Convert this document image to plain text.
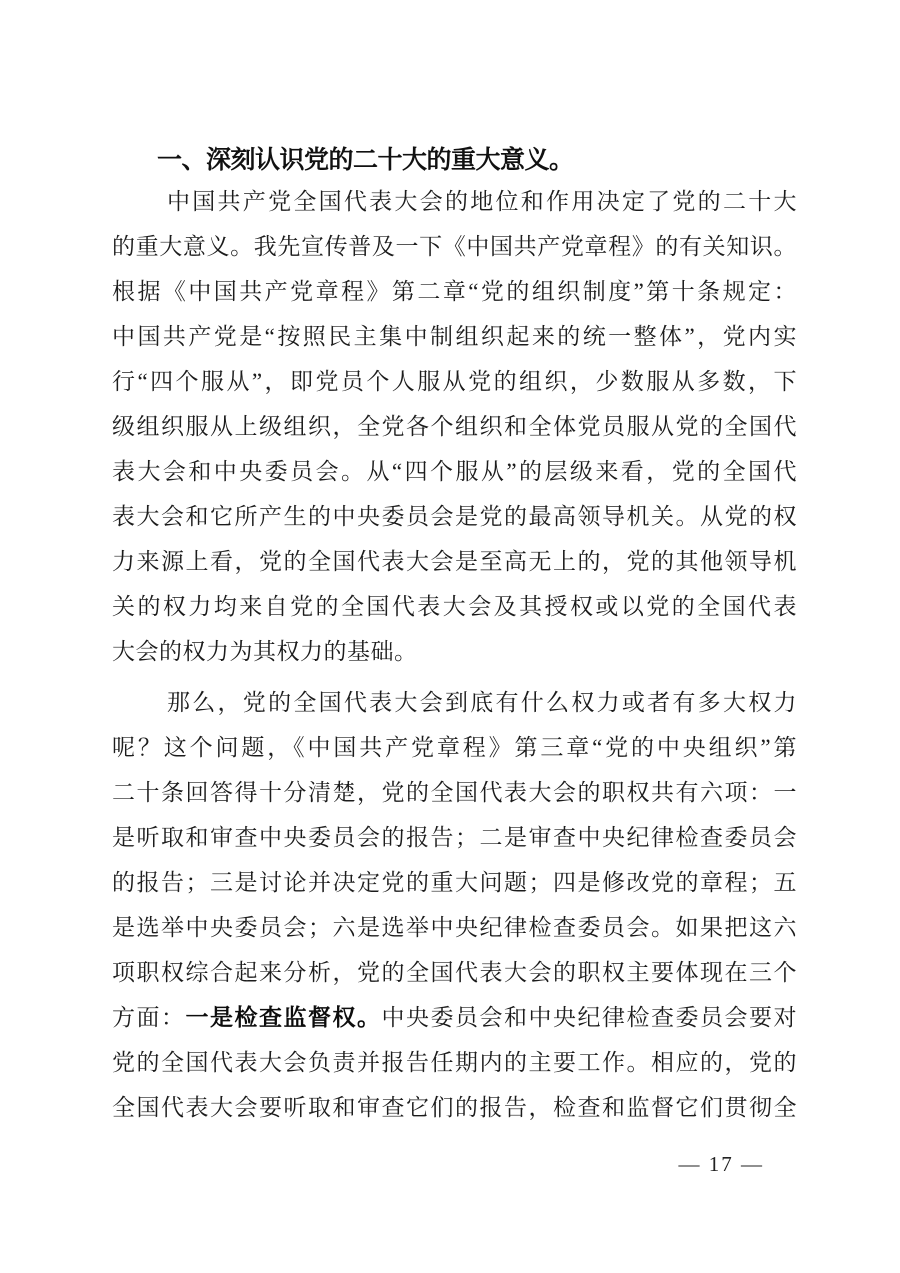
一、深刻认识党的二十大的重大意义。
中国共产党全国代表大会的地位和作用决定了党的二十大
的重大意义。我先宣传普及一下《中国共产党章程》的有关知识。
根据《中国共产党章程》第二章“党的组织制度”第十条规定：
中国共产党是“按照民主集中制组织起来的统一整体”，党内实
行“四个服从”，即党员个人服从党的组织，少数服从多数，下
级组织服从上级组织，全党各个组织和全体党员服从党的全国代
表大会和中央委员会。从“四个服从”的层级来看，党的全国代
表大会和它所产生的中央委员会是党的最高领导机关。从党的权
力来源上看，党的全国代表大会是至高无上的，党的其他领导机
关的权力均来自党的全国代表大会及其授权或以党的全国代表
大会的权力为其权力的基础。
那么，党的全国代表大会到底有什么权力或者有多大权力
呢？这个问题，《中国共产党章程》第三章“党的中央组织”第
二十条回答得十分清楚，党的全国代表大会的职权共有六项：一
是听取和审查中央委员会的报告；二是审查中央纪律检查委员会
的报告；三是讨论并决定党的重大问题；四是修改党的章程；五
是选举中央委员会；六是选举中央纪律检查委员会。如果把这六
项职权综合起来分析，党的全国代表大会的职权主要体现在三个
方面：一是检查监督权。中央委员会和中央纪律检查委员会要对
党的全国代表大会负责并报告任期内的主要工作。相应的，党的
全国代表大会要听取和审查它们的报告，检查和监督它们贯彻全
— 17 —
